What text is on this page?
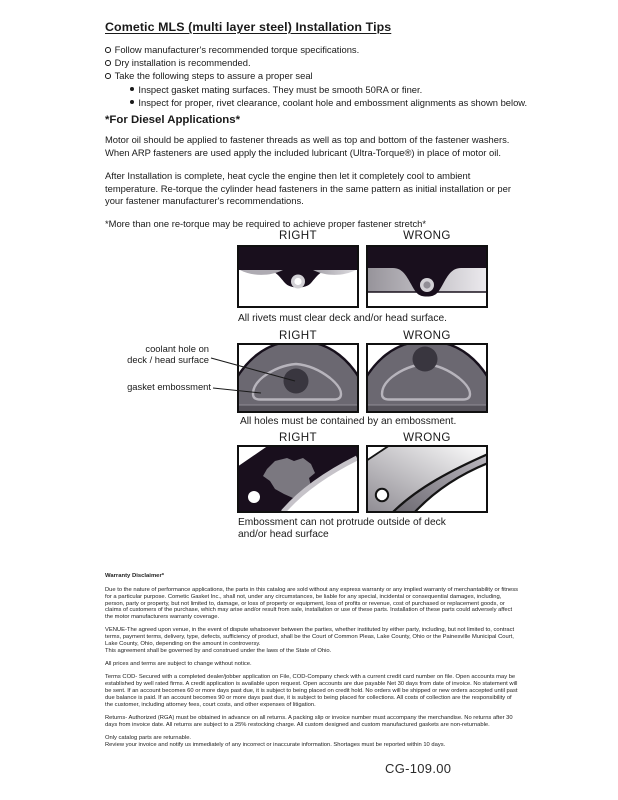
Cometic MLS (multi layer steel) Installation Tips
Follow manufacturer's recommended torque specifications.
Dry installation is recommended.
Take the following steps to assure a proper seal
Inspect gasket mating surfaces. They must be smooth 50RA or finer.
Inspect for proper, rivet clearance, coolant hole and embossment alignments as shown below.
*For Diesel Applications*

Motor oil should be applied to fastener threads as well as top and bottom of the fastener washers. When ARP fasteners are used apply the included lubricant (Ultra-Torque®) in place of motor oil.

After Installation is complete, heat cycle the engine then let it completely cool to ambient temperature. Re-torque the cylinder head fasteners in the same pattern as initial installation or per your fastener manufacturer's recommendations.

*More than one re-torque may be required to achieve proper fastener stretch*

RIGHT	WRONG
All rivets must clear deck and/or head surface.
coolant hole on
deck / head surface
gasket embossment
RIGHT	WRONG
All holes must be contained by an embossment.
RIGHT	WRONG
Embossment can not protrude outside of deck and/or head surface
Warranty Disclaimer*

Due to the nature of performance applications, the parts in this catalog are sold without any express warranty or any implied warranty of merchantability or fitness for a particular purpose. Cometic Gasket Inc., shall not, under any circumstances, be liable for any special, incidental or consequential damages, including, person, party or property, but not limited to, damage, or loss of property or equipment, loss of profits or revenue, cost of purchased or replacement goods, or claims of customers of the purchase, which may arise and/or result from sale, installation or use of these parts. Installation of these parts could adversely affect the motor manufacturers warranty coverage.

VENUE-The agreed upon venue, in the event of dispute whatsoever between the parties, whether instituted by either party, including, but not limited to, contract terms, payment terms, delivery, type, defects, sufficiency of product, shall be the Court of Common Pleas, Lake County, Ohio or the Painesville Municipal Court, Lake County, Ohio, depending on the amount in controversy.

This agreement shall be governed by and construed under the laws of the State of Ohio.

All prices and terms are subject to change without notice.

Terms COD- Secured with a completed dealer/jobber application on File, COD-Company check with a current credit card number on file. Open accounts may be established by well rated firms. A credit application is available upon request. Open accounts are due payable Net 30 days from date of invoice. No statement will be sent. If an account becomes 60 or more days past due, it is subject to being placed on credit hold. No orders will be shipped or new orders accepted until past due balance is paid. If an account becomes 90 or more days past due, it is subject to being placed for collections. All costs of collection are the responsibility of the customer, including attorney fees, court costs, and other expenses of litigation.

Returns- Authorized (RGA) must be obtained in advance on all returns. A packing slip or invoice number must accompany the merchandise. No returns after 30 days from invoice date. All returns are subject to a 25% restocking charge. All custom designed and custom manufactured gaskets are non-returnable.

Only catalog parts are returnable.

Review your invoice and notify us immediately of any incorrect or inaccurate information. Shortages must be reported within 10 days.

CG-109.00
